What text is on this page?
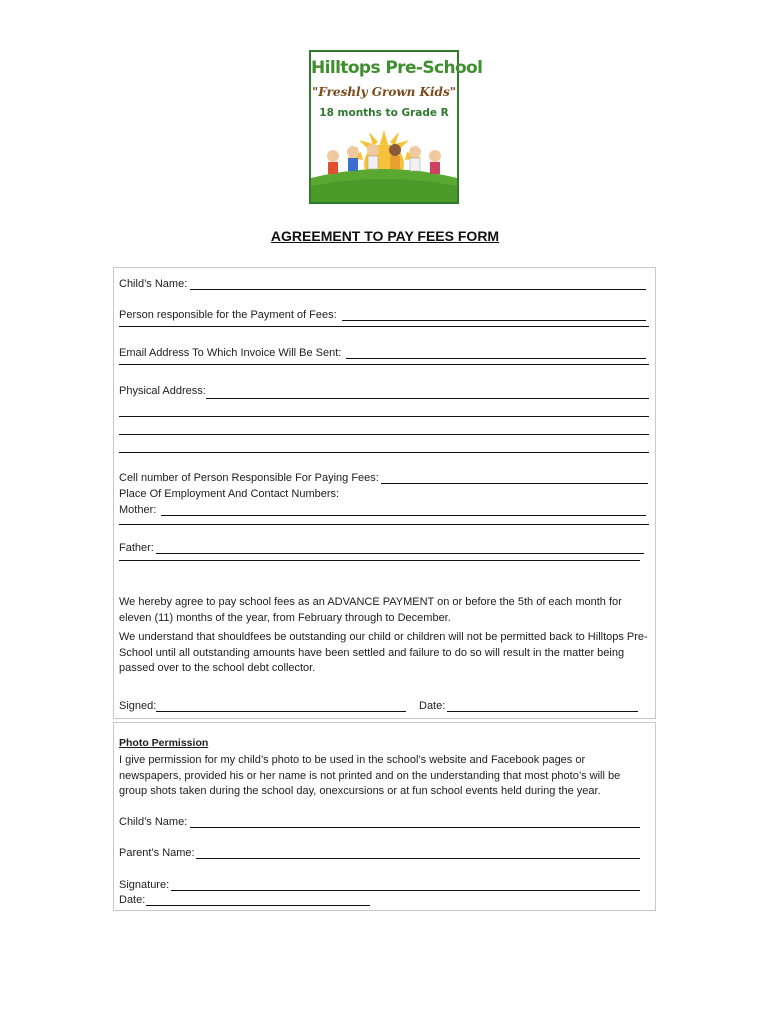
Hilltops Pre-School
"Freshly Grown Kids"
18 months to Grade R
AGREEMENT TO PAY FEES FORM
Child’s Name:
Person responsible for the Payment of Fees:
Email Address To Which Invoice Will Be Sent:
Physical Address:
Cell number of Person Responsible For Paying Fees:
Place Of Employment And Contact Numbers:
Mother:
Father:
We hereby agree to pay school fees as an ADVANCE PAYMENT on or before the 5th of each month for eleven (11) months of the year, from February through to December.
We understand that shouldfees be outstanding our child or children will not be permitted back to Hilltops Pre-School until all outstanding amounts have been settled and failure to do so will result in the matter being passed over to the school debt collector.
Signed:	Date:
Photo Permission
I give permission for my child’s photo to be used in the school’s website and Facebook pages or newspapers, provided his or her name is not printed and on the understanding that most photo’s will be group shots taken during the school day, onexcursions or at fun school events held during the year.
Child’s Name:
Parent’s Name:
Signature:
Date:
